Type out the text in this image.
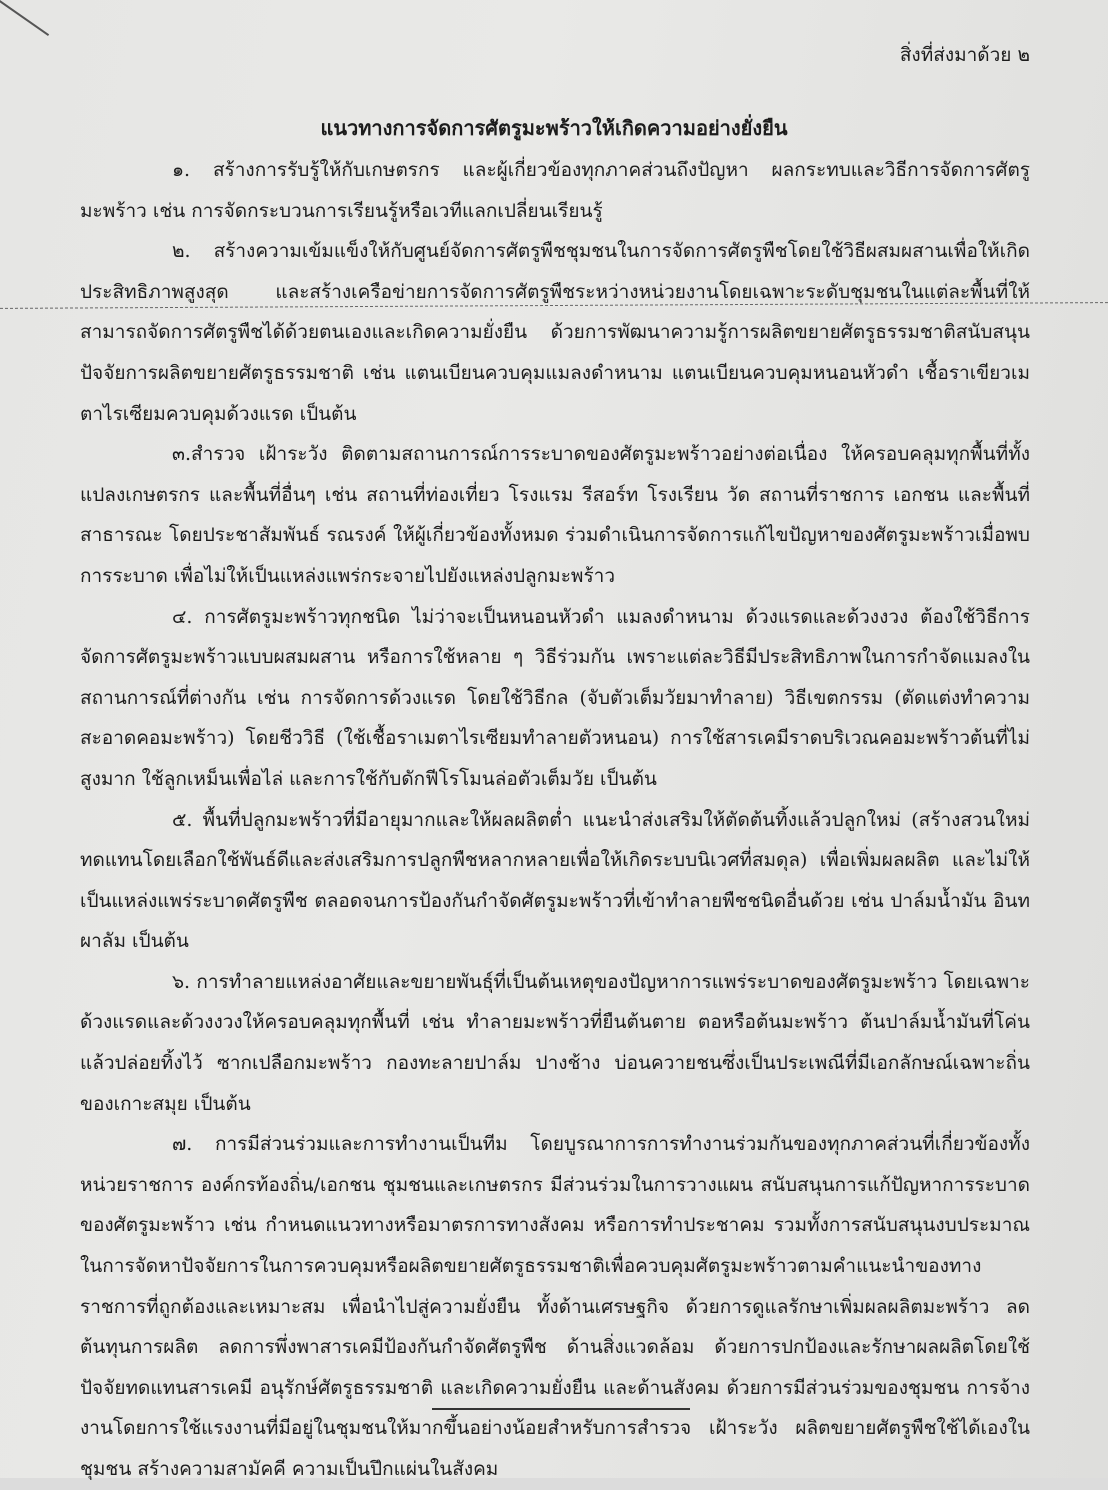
สิ่งที่ส่งมาด้วย ๒
แนวทางการจัดการศัตรูมะพร้าวให้เกิดความอย่างยั่งยืน

๑. สร้างการรับรู้ให้กับเกษตรกร และผู้เกี่ยวข้องทุกภาคส่วนถึงปัญหา ผลกระทบและวิธีการจัดการศัตรูมะพร้าว เช่น การจัดกระบวนการเรียนรู้หรือเวทีแลกเปลี่ยนเรียนรู้

๒. สร้างความเข้มแข็งให้กับศูนย์จัดการศัตรูพืชชุมชนในการจัดการศัตรูพืชโดยใช้วิธีผสมผสานเพื่อให้เกิดประสิทธิภาพสูงสุด และสร้างเครือข่ายการจัดการศัตรูพืชระหว่างหน่วยงานโดยเฉพาะระดับชุมชนในแต่ละพื้นที่ให้สามารถจัดการศัตรูพืชได้ด้วยตนเองและเกิดความยั่งยืน ด้วยการพัฒนาความรู้การผลิตขยายศัตรูธรรมชาติสนับสนุนปัจจัยการผลิตขยายศัตรูธรรมชาติ เช่น แตนเบียนควบคุมแมลงดำหนาม แตนเบียนควบคุมหนอนหัวดำ เชื้อราเขียวเมตาไรเซียมควบคุมด้วงแรด เป็นต้น

๓.สำรวจ เฝ้าระวัง ติดตามสถานการณ์การระบาดของศัตรูมะพร้าวอย่างต่อเนื่อง ให้ครอบคลุมทุกพื้นที่ทั้งแปลงเกษตรกร และพื้นที่อื่นๆ เช่น สถานที่ท่องเที่ยว โรงแรม รีสอร์ท โรงเรียน วัด สถานที่ราชการ เอกชน และพื้นที่สาธารณะ โดยประชาสัมพันธ์ รณรงค์ ให้ผู้เกี่ยวข้องทั้งหมด ร่วมดำเนินการจัดการแก้ไขปัญหาของศัตรูมะพร้าวเมื่อพบการระบาด เพื่อไม่ให้เป็นแหล่งแพร่กระจายไปยังแหล่งปลูกมะพร้าว

๔. การศัตรูมะพร้าวทุกชนิด ไม่ว่าจะเป็นหนอนหัวดำ แมลงดำหนาม ด้วงแรดและด้วงงวง ต้องใช้วิธีการจัดการศัตรูมะพร้าวแบบผสมผสาน หรือการใช้หลาย ๆ วิธีร่วมกัน เพราะแต่ละวิธีมีประสิทธิภาพในการกำจัดแมลงในสถานการณ์ที่ต่างกัน เช่น การจัดการด้วงแรด โดยใช้วิธีกล (จับตัวเต็มวัยมาทำลาย) วิธีเขตกรรม (ตัดแต่งทำความสะอาดคอมะพร้าว) โดยชีววิธี (ใช้เชื้อราเมตาไรเซียมทำลายตัวหนอน) การใช้สารเคมีราดบริเวณคอมะพร้าวต้นที่ไม่สูงมาก ใช้ลูกเหม็นเพื่อไล่ และการใช้กับดักฟีโรโมนล่อตัวเต็มวัย เป็นต้น

๕. พื้นที่ปลูกมะพร้าวที่มีอายุมากและให้ผลผลิตต่ำ แนะนำส่งเสริมให้ตัดต้นทิ้งแล้วปลูกใหม่ (สร้างสวนใหม่ทดแทนโดยเลือกใช้พันธ์ดีและส่งเสริมการปลูกพืชหลากหลายเพื่อให้เกิดระบบนิเวศที่สมดุล) เพื่อเพิ่มผลผลิต และไม่ให้เป็นแหล่งแพร่ระบาดศัตรูพืช ตลอดจนการป้องกันกำจัดศัตรูมะพร้าวที่เข้าทำลายพืชชนิดอื่นด้วย เช่น ปาล์มน้ำมัน อินทผาลัม เป็นต้น

๖. การทำลายแหล่งอาศัยและขยายพันธุ์ที่เป็นต้นเหตุของปัญหาการแพร่ระบาดของศัตรูมะพร้าว โดยเฉพาะด้วงแรดและด้วงงวงให้ครอบคลุมทุกพื้นที่ เช่น ทำลายมะพร้าวที่ยืนต้นตาย ตอหรือต้นมะพร้าว ต้นปาล์มน้ำมันที่โค่นแล้วปล่อยทิ้งไว้ ซากเปลือกมะพร้าว กองทะลายปาล์ม ปางช้าง บ่อนควายชนซึ่งเป็นประเพณีที่มีเอกลักษณ์เฉพาะถิ่นของเกาะสมุย เป็นต้น

๗. การมีส่วนร่วมและการทำงานเป็นทีม โดยบูรณาการการทำงานร่วมกันของทุกภาคส่วนที่เกี่ยวข้องทั้งหน่วยราชการ องค์กรท้องถิ่น/เอกชน ชุมชนและเกษตรกร มีส่วนร่วมในการวางแผน สนับสนุนการแก้ปัญหาการระบาดของศัตรูมะพร้าว เช่น กำหนดแนวทางหรือมาตรการทางสังคม หรือการทำประชาคม รวมทั้งการสนับสนุนงบประมาณในการจัดหาปัจจัยการในการควบคุมหรือผลิตขยายศัตรูธรรมชาติเพื่อควบคุมศัตรูมะพร้าวตามคำแนะนำของทางราชการที่ถูกต้องและเหมาะสม เพื่อนำไปสู่ความยั่งยืน ทั้งด้านเศรษฐกิจ ด้วยการดูแลรักษาเพิ่มผลผลิตมะพร้าว ลดต้นทุนการผลิต ลดการพึ่งพาสารเคมีป้องกันกำจัดศัตรูพืช ด้านสิ่งแวดล้อม ด้วยการปกป้องและรักษาผลผลิตโดยใช้ปัจจัยทดแทนสารเคมี อนุรักษ์ศัตรูธรรมชาติ และเกิดความยั่งยืน และด้านสังคม ด้วยการมีส่วนร่วมของชุมชน การจ้างงานโดยการใช้แรงงานที่มีอยู่ในชุมชนให้มากขึ้นอย่างน้อยสำหรับการสำรวจ เฝ้าระวัง ผลิตขยายศัตรูพืชใช้ได้เองในชุมชน สร้างความสามัคคี ความเป็นปึกแผ่นในสังคม
